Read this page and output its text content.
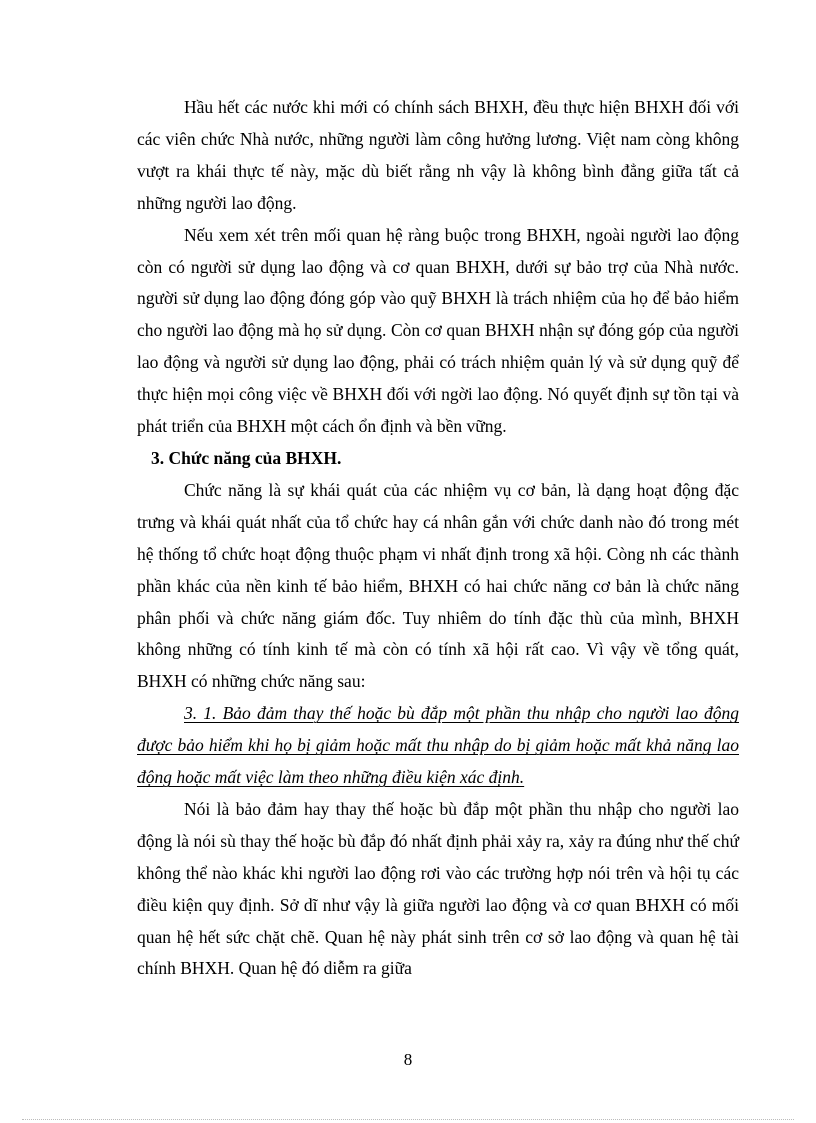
Hầu hết các nước khi mới có chính sách BHXH, đều thực hiện BHXH đối với các viên chức Nhà nước, những người làm công hưởng lương. Việt nam còng không vượt ra khái thực tế này, mặc dù biết rằng nh vậy là không bình đẳng giữa tất cả những người lao động.

Nếu xem xét trên mối quan hệ ràng buộc trong BHXH, ngoài người lao động còn có người sử dụng lao động và cơ quan BHXH, dưới sự bảo trợ của Nhà nước. người sử dụng lao động đóng góp vào quỹ BHXH là trách nhiệm của họ để bảo hiểm cho người lao động mà họ sử dụng. Còn cơ quan BHXH nhận sự đóng góp của người lao động và người sử dụng lao động, phải có trách nhiệm quản lý và sử dụng quỹ để thực hiện mọi công việc về BHXH đối với ngời lao động. Nó quyết định sự tồn tại và phát triển của BHXH một cách ổn định và bền vững.

3. Chức năng của BHXH.

Chức năng là sự khái quát của các nhiệm vụ cơ bản, là dạng hoạt động đặc trưng và khái quát nhất của tổ chức hay cá nhân gắn với chức danh nào đó trong mét hệ thống tổ chức hoạt động thuộc phạm vi nhất định trong xã hội. Còng nh các thành phần khác của nền kinh tế bảo hiểm, BHXH có hai chức năng cơ bản là chức năng phân phối và chức năng giám đốc. Tuy nhiêm do tính đặc thù của mình, BHXH không những có tính kinh tế mà còn có tính xã hội rất cao. Vì vậy về tổng quát, BHXH có những chức năng sau:

3. 1. Bảo đảm thay thế hoặc bù đắp một phần thu nhập cho người lao động được bảo hiểm khi họ bị giảm hoặc mất thu nhập do bị giảm hoặc mất khả năng lao động hoặc mất việc làm theo những điều kiện xác định.

Nói là bảo đảm hay thay thế hoặc bù đắp một phần thu nhập cho người lao động là nói sù thay thế hoặc bù đắp đó nhất định phải xảy ra, xảy ra đúng như thế chứ không thể nào khác khi người lao động rơi vào các trường hợp nói trên và hội tụ các điều kiện quy định. Sở dĩ như vậy là giữa người lao động và cơ quan BHXH có mối quan hệ hết sức chặt chẽ. Quan hệ này phát sinh trên cơ sở lao động và quan hệ tài chính BHXH. Quan hệ đó diễm ra giữa

8
